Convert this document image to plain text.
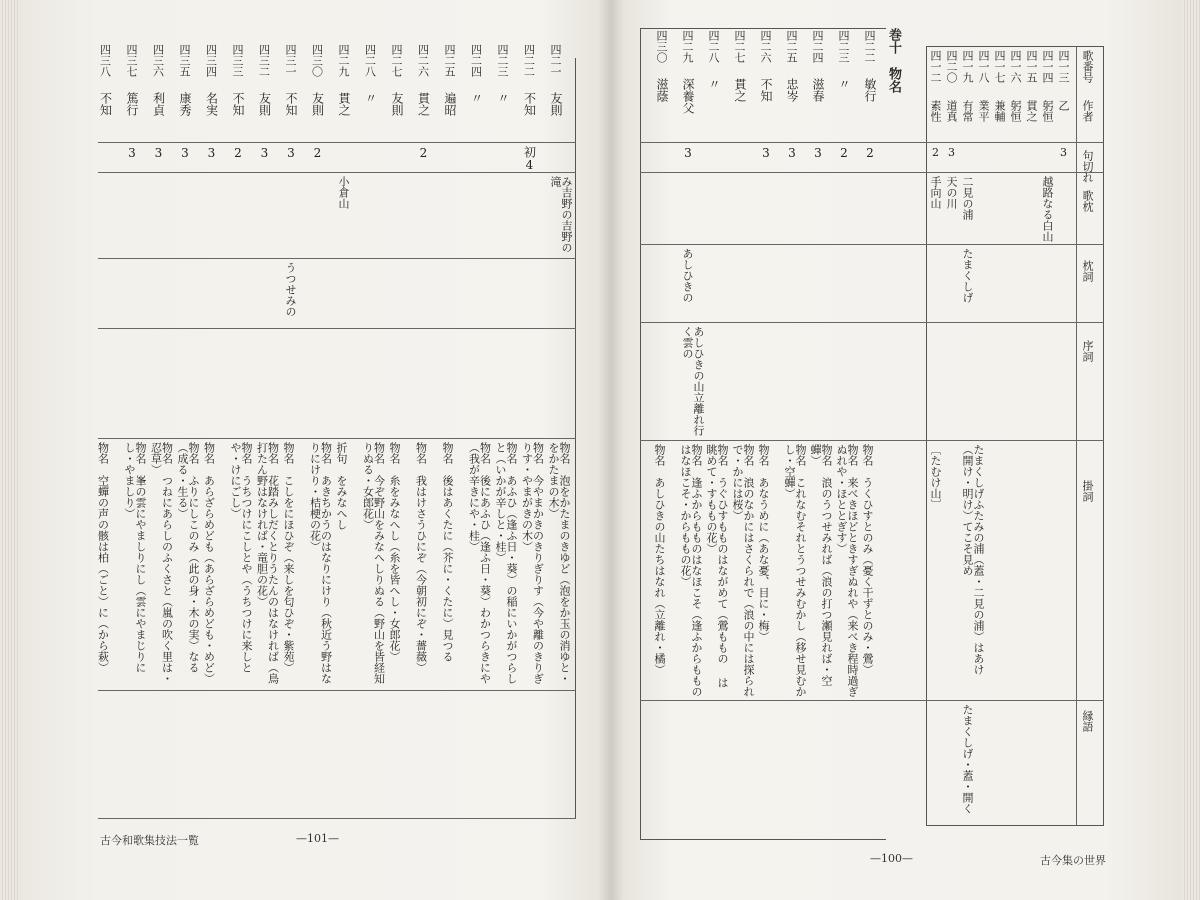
四二一
友則
み吉野の吉野の滝
物名　泡をかたまのきゆど（泡をか玉の消ゆと・をかたまの木）
四二二
不知
初4
物名　今やまかきのきりぎりす（今や離のきりぎりす・やまがきの木）
四二三
〃
物名　あふひ（逢ふ日・葵）の稲にいかがつらしと（いかが辛しと・桂）
四二四
〃
物名　後にあふひ（逢ふ日・葵）わかつらきにや（我が辛きにや・桂）
四二五
遍昭
物名　後はあくたに（芥に・くたに）見つる
四二六
貫之
2
物名　我はけさうひにぞ（今朝初にぞ・薔薇）
四二七
友則
物名　糸をみなへし（糸を皆へし・女郎花）
四二八
〃
物名　今ぞ野山をみなへしりぬる（野山を皆経知りぬる・女郎花）
四二九
貫之
小倉山
折句　をみなへし
四三〇
友則
2
物名　あきちかうのはなりにけり（秋近う野はなりにけり・桔梗の花）
四三一
不知
3
うつせみの
物名　こしをにほひぞ（来しを匂ひぞ・紫苑）
四三二
友則
3
物名　花踏みしだくとりうたんのはなければ（鳥打たん野はなければ・竜胆の花）
四三三
不知
2
物名　うちつけにこしとや（うちつけに来しとや・けにごし）
四三四
名実
3
物名　あらざらめども（あらざらめども・めど）
四三五
康秀
3
物名　ふりにしこのみ（此の身・木の実）なる（成る・生る）
四三六
利貞
3
物名　つねにあらしのふくさと（嵐の吹く里は・忍草）
四三七
篤行
3
物名　峯の雲にやましりにし（雲にやまじりにし・やましり）
四三八
不知
物名　空蟬の声の骸は柏（ごと）に（から萩）
古今和歌集技法一覧	—101—
歌番号
作者
句切れ
歌枕
枕詞
序詞
掛詞
縁語
巻十　物名
四二二
敏行
2
物名　うくひすとのみ（憂く干ずとのみ・鶯）
四二三
〃
2
物名　来べきほどときすぎぬれや（来べき程時過ぎぬれや・ほととぎす）
四二四
滋春
3
物名　浪のうつせみれば（浪の打つ瀬見れば・空蟬）
四二五
忠岑
3
物名　これなむそれとうつせみむかし（移せ見むかし・空蟬）
四二六
不知
3
物名　あなうめに（あな憂、目に・梅）
四二七
貫之
物名　浪のなかにはさくられで（浪の中には探られで・かには桜）
四二八
〃
物名　うぐひすもものはながめて（鶯ももの は眺めて・すももの花）
四二九
深養父
3
あしひきの
あしひきの山立離れ行く雲の
物名　逢ふからもものはなほこそ（逢ふからもものはなほこそ・からももの花）
四三〇
滋蔭
物名　あしひきの山たちはなれ（立離れ・橘）
四一二
素性
2
手向山
〔たむけ山〕
四二〇
道真
3
天の川
四一九
有常
二見の浦
たまくしげ
たまくしげふたみの浦（蓋・二見の浦）はあけ（開け・明け）てこそ見め
たまくしげ・蓋・開く
四一八
業平
四一七
兼輔
四一六
躬恒
四一五
貫之
四一四
躬恒
越路なる白山
四一三
乙
3
—100—	古今集の世界
